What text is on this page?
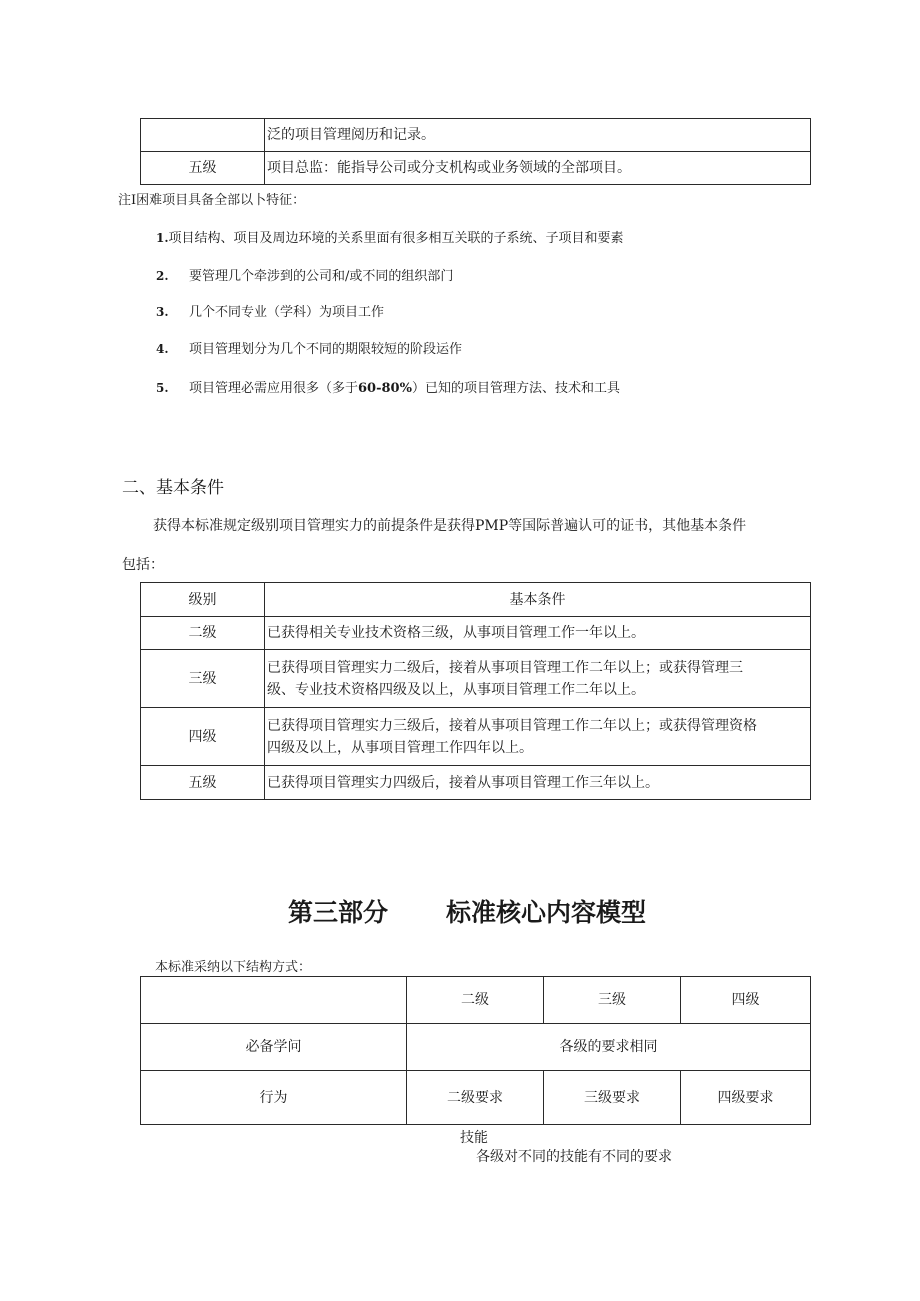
	泛的项目管理阅历和记录。
五级	项目总监：能指导公司或分支机构或业务领域的全部项目。
注I困难项目具备全部以卜特征：
1.项目结构、项目及周边环境的关系里面有很多相互关联的子系统、子项目和要素
2. 要管理几个牵涉到的公司和/或不同的组织部门
3. 几个不同专业（学科）为项目工作
4. 项目管理划分为几个不同的期限较短的阶段运作
5. 项目管理必需应用很多（多于60-80%）已知的项目管理方法、技术和工具
二、基本条件
获得本标准规定级别项目管理实力的前提条件是获得PMP等国际普遍认可的证书，其他基本条件
包括：
级别	基本条件
二级	已获得相关专业技术资格三级，从事项目管理工作一年以上。
三级	已获得项目管理实力二级后，接着从事项目管理工作二年以上；或获得管理三
级、专业技术资格四级及以上，从事项目管理工作二年以上。

四级	已获得项目管理实力三级后，接着从事项目管理工作二年以上；或获得管理资格
四级及以上，从事项目管理工作四年以上。

五级	已获得项目管理实力四级后，接着从事项目管理工作三年以上。
第三部分 标准核心内容模型
本标准采纳以下结构方式：
	二级	三级	四级
必备学问	各级的要求相同		
行为	二级要求	三级要求	四级要求
技能
各级对不同的技能有不同的要求
